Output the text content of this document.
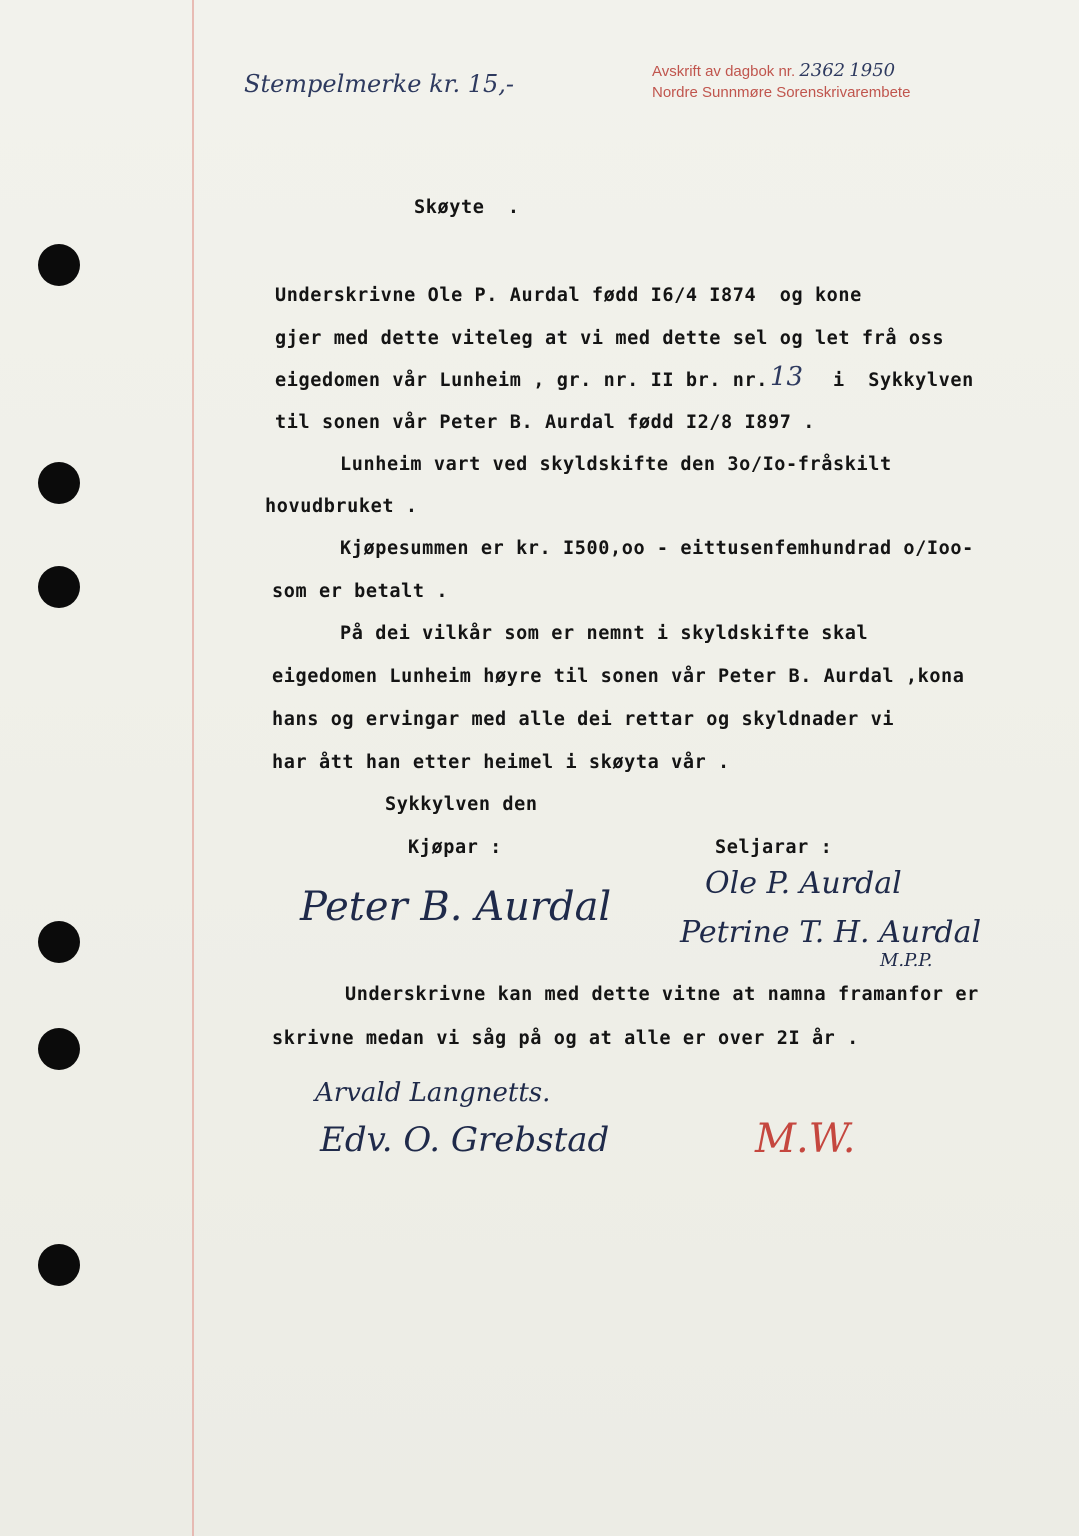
Stempelmerke kr. 15,-	Avskrift av dagbok nr. 2362 1950
Nordre Sunnmøre Sorenskrivarembete
Skøyte  .
Underskrivne Ole P. Aurdal fødd I6/4 I874  og kone
gjer med dette viteleg at vi med dette sel og let frå oss
eigedomen vår Lunheim , gr. nr. II br. nr. 13 i  Sykkylven
til sonen vår Peter B. Aurdal fødd I2/8 I897 .
Lunheim vart ved skyldskifte den 3o/Io-fråskilt
hovudbruket .
Kjøpesummen er kr. I500,oo - eittusenfemhundrad o/Ioo-
som er betalt .
På dei vilkår som er nemnt i skyldskifte skal
eigedomen Lunheim høyre til sonen vår Peter B. Aurdal ,kona
hans og ervingar med alle dei rettar og skyldnader vi
har ått han etter heimel i skøyta vår .
Sykkylven den
Kjøpar :	Seljarar :
Peter B. Aurdal
Ole P. Aurdal
Petrine T. H. Aurdal
M.P.P.
Underskrivne kan med dette vitne at namna framanfor er
skrivne medan vi såg på og at alle er over 2I år .
Arvald Langnetts.
Edv. O. Grebstad	M.W.
